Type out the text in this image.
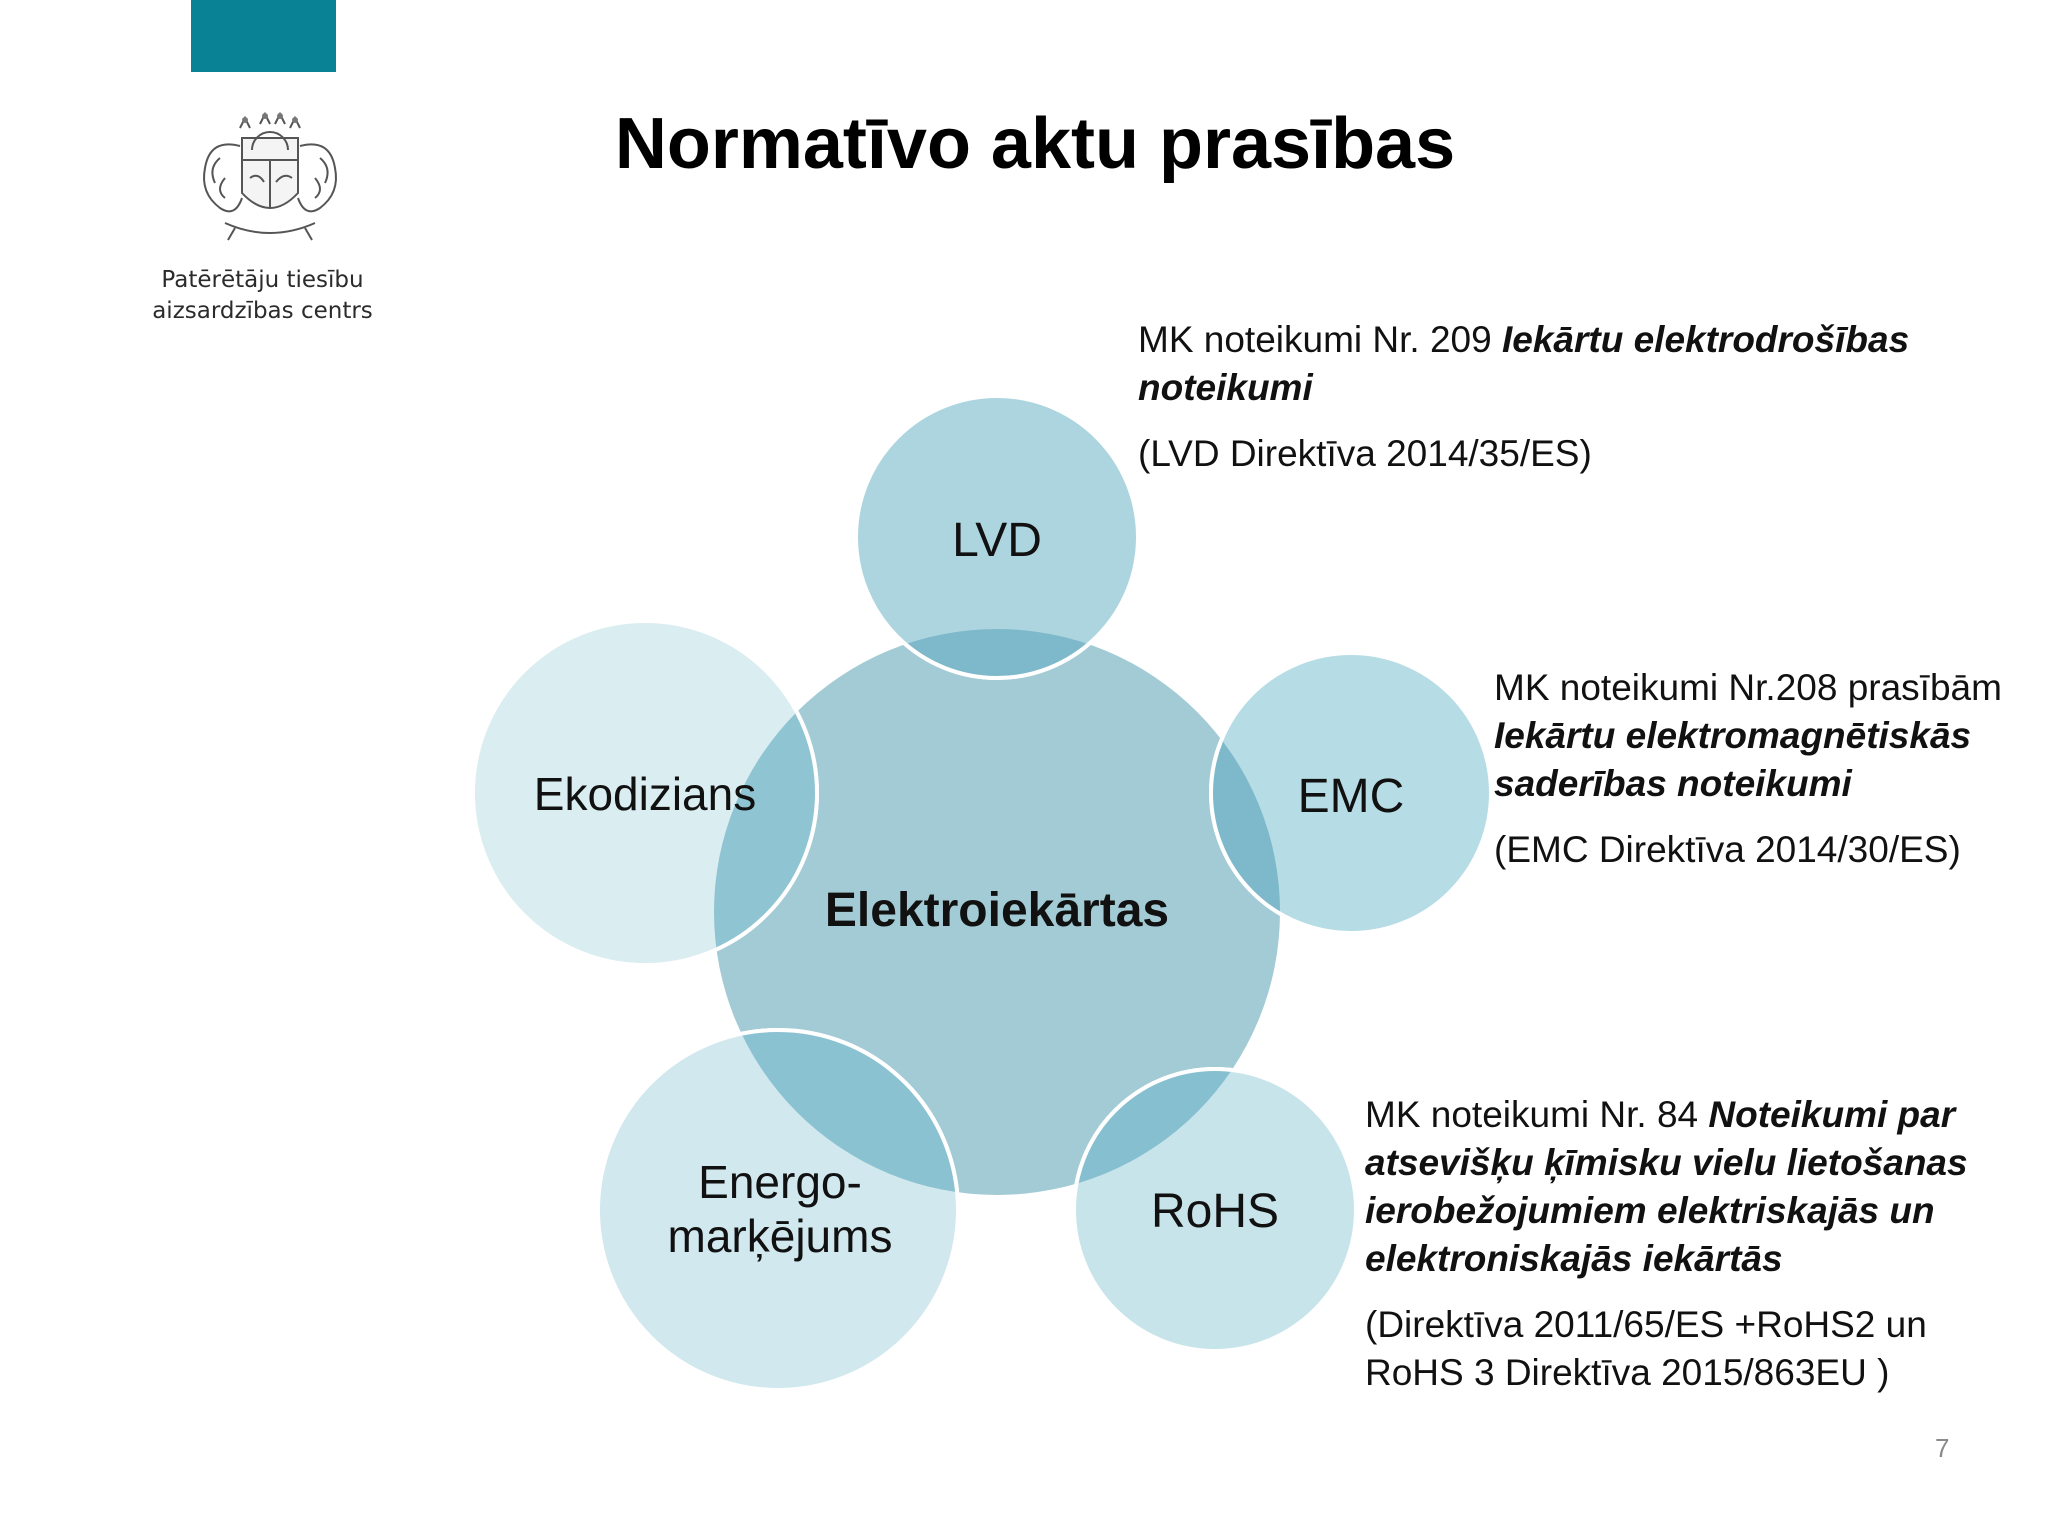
Patērētāju tiesību
aizsardzības centrs
Normatīvo aktu prasības
LVD
EMC
RoHS
Energo-
marķējums
Ekodizians
Elektroiekārtas

MK noteikumi Nr. 209 Iekārtu elektrodrošības noteikumi

(LVD Direktīva 2014/35/ES)

MK noteikumi Nr.208 prasībām

Iekārtu elektromagnētiskās saderības noteikumi

(EMC Direktīva 2014/30/ES)

MK noteikumi Nr. 84 Noteikumi par atsevišķu ķīmisku vielu lietošanas ierobežojumiem elektriskajās un elektroniskajās iekārtās

(Direktīva 2011/65/ES +RoHS2 un RoHS 3 Direktīva 2015/863EU )

7
